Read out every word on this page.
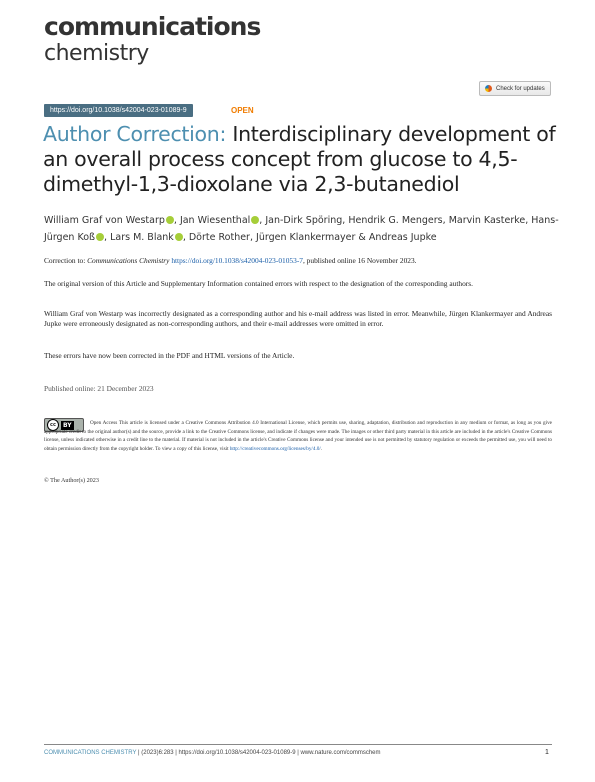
communications
chemistry
Check for updates
https://doi.org/10.1038/s42004-023-01089-9	OPEN
Author Correction: Interdisciplinary development of an overall process concept from glucose to 4,5-dimethyl-1,3-dioxolane via 2,3-butanediol
William Graf von Westarp , Jan Wiesenthal , Jan-Dirk Spöring, Hendrik G. Mengers, Marvin Kasterke, Hans-Jürgen Koß , Lars M. Blank , Dörte Rother, Jürgen Klankermayer & Andreas Jupke
Correction to: Communications Chemistry https://doi.org/10.1038/s42004-023-01053-7, published online 16 November 2023.
The original version of this Article and Supplementary Information contained errors with respect to the designation of the corresponding authors.
William Graf von Westarp was incorrectly designated as a corresponding author and his e-mail address was listed in error. Meanwhile, Jürgen Klankermayer and Andreas Jupke were erroneously designated as non-corresponding authors, and their e-mail addresses were omitted in error.
These errors have now been corrected in the PDF and HTML versions of the Article.
Published online: 21 December 2023
cc	BY	Open Access This article is licensed under a Creative Commons Attribution 4.0 International License, which permits use, sharing, adaptation, distribution and reproduction in any medium or format, as long as you give appropriate credit to the original author(s) and the source, provide a link to the Creative Commons license, and indicate if changes were made. The images or other third party material in this article are included in the article's Creative Commons license, unless indicated otherwise in a credit line to the material. If material is not included in the article's Creative Commons license and your intended use is not permitted by statutory regulation or exceeds the permitted use, you will need to obtain permission directly from the copyright holder. To view a copy of this license, visit http://creativecommons.org/licenses/by/4.0/.
© The Author(s) 2023
COMMUNICATIONS CHEMISTRY | (2023)6:283 | https://doi.org/10.1038/s42004-023-01089-9 | www.nature.com/commschem	1
